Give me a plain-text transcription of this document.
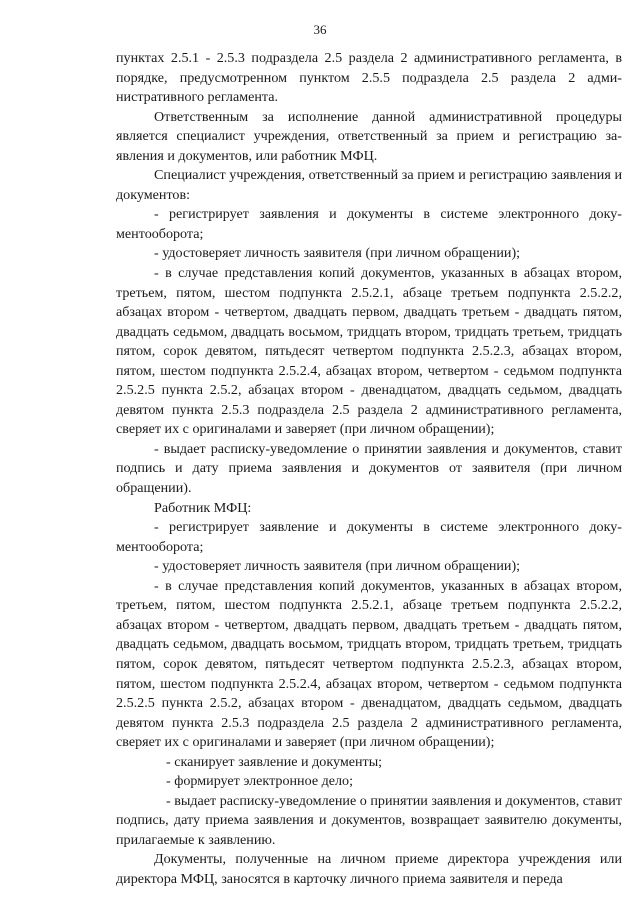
36

пунктах 2.5.1 - 2.5.3 подраздела 2.5 раздела 2 административного регламента, в порядке, предусмотренном пунктом 2.5.5 подраздела 2.5 раздела 2 административного регламента.

Ответственным за исполнение данной административной процедуры является специалист учреждения, ответственный за прием и регистрацию заявления и документов, или работник МФЦ.

Специалист учреждения, ответственный за прием и регистрацию заявления и документов:

- регистрирует заявления и документы в системе электронного документооборота;

- удостоверяет личность заявителя (при личном обращении);

- в случае представления копий документов, указанных в абзацах втором, третьем, пятом, шестом подпункта 2.5.2.1, абзаце третьем подпункта 2.5.2.2, абзацах втором - четвертом, двадцать первом, двадцать третьем - двадцать пятом, двадцать седьмом, двадцать восьмом, тридцать втором, тридцать третьем, тридцать пятом, сорок девятом, пятьдесят четвертом подпункта 2.5.2.3, абзацах втором, пятом, шестом подпункта 2.5.2.4, абзацах втором, четвертом - седьмом подпункта 2.5.2.5 пункта 2.5.2, абзацах втором - двенадцатом, двадцать седьмом, двадцать девятом пункта 2.5.3 подраздела 2.5 раздела 2 административного регламента, сверяет их с оригиналами и заверяет (при личном обращении);

- выдает расписку-уведомление о принятии заявления и документов, ставит подпись и дату приема заявления и документов от заявителя (при личном обращении).

Работник МФЦ:

- регистрирует заявление и документы в системе электронного документооборота;

- удостоверяет личность заявителя (при личном обращении);

- в случае представления копий документов, указанных в абзацах втором, третьем, пятом, шестом подпункта 2.5.2.1, абзаце третьем подпункта 2.5.2.2, абзацах втором - четвертом, двадцать первом, двадцать третьем - двадцать пятом, двадцать седьмом, двадцать восьмом, тридцать втором, тридцать третьем, тридцать пятом, сорок девятом, пятьдесят четвертом подпункта 2.5.2.3, абзацах втором, пятом, шестом подпункта 2.5.2.4, абзацах втором, четвертом - седьмом подпункта 2.5.2.5 пункта 2.5.2, абзацах втором - двенадцатом, двадцать седьмом, двадцать девятом пункта 2.5.3 подраздела 2.5 раздела 2 административного регламента, сверяет их с оригиналами и заверяет (при личном обращении);

- сканирует заявление и документы;

- формирует электронное дело;

- выдает расписку-уведомление о принятии заявления и документов, ставит подпись, дату приема заявления и документов, возвращает заявителю документы, прилагаемые к заявлению.

Документы, полученные на личном приеме директора учреждения или директора МФЦ, заносятся в карточку личного приема заявителя и переда
